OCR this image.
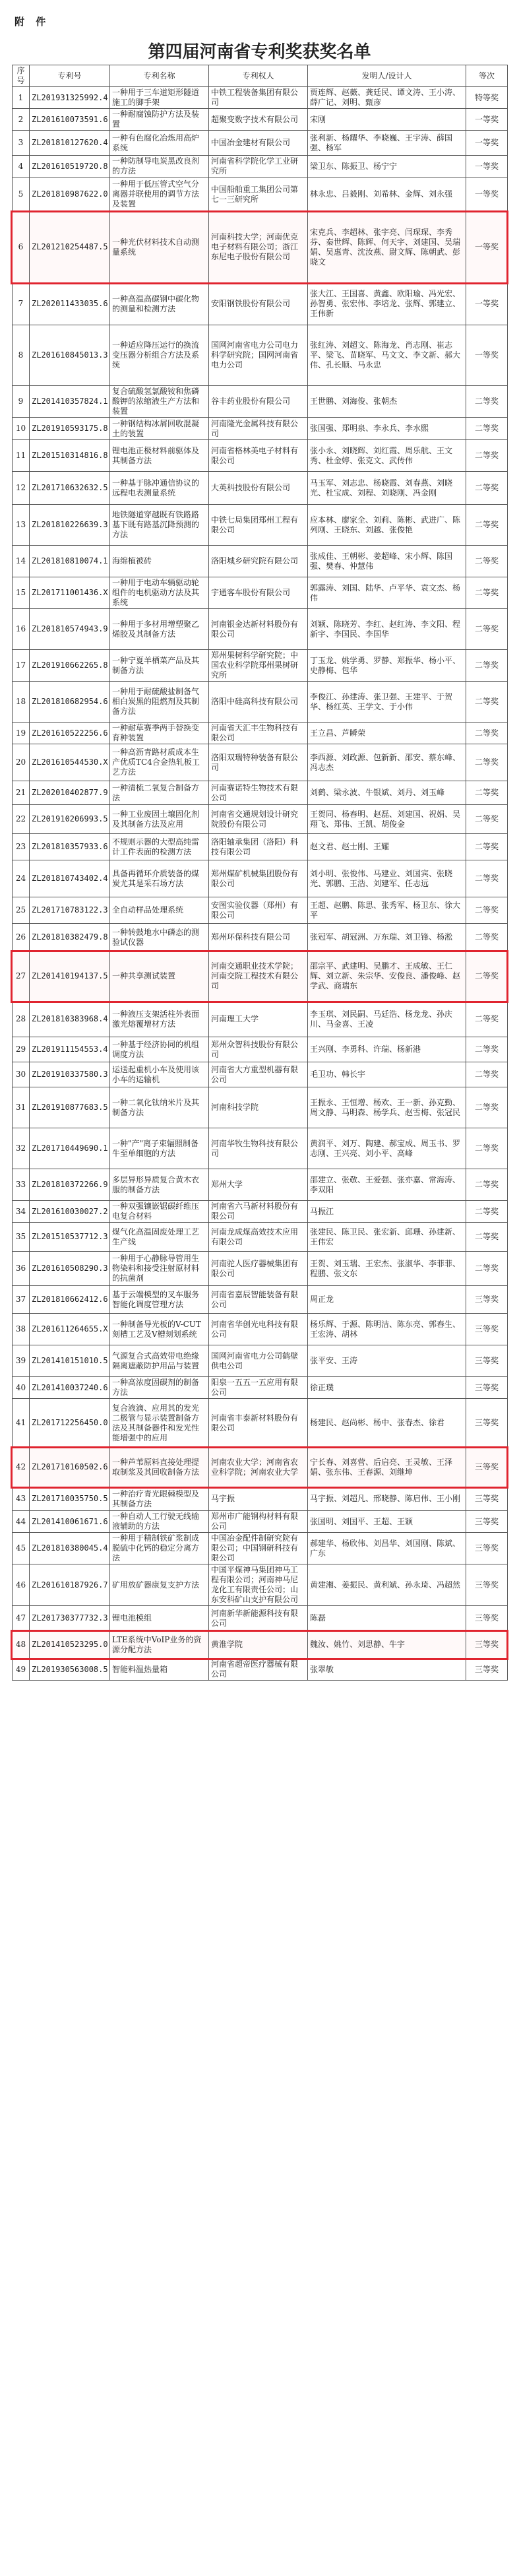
附 件
第四届河南省专利奖获奖名单
序号	专利号	专利名称	专利权人	发明人/设计人	等次
1	ZL201931325992.4	一种用于三车道矩形隧道施工的脚手架	中铁工程装备集团有限公司	贾连辉、赵薇、龚廷民、谭文涛、王小涛、薛广记、刘明、甄彦	特等奖
2	ZL201610073591.6	一种耐腐蚀防护方法及装置	超聚变数字技术有限公司	宋刚	一等奖
3	ZL201810127620.4	一种有色腐化冶炼用高炉系统	中国冶金建材有限公司	张利新、杨耀华、李晓巍、王宇涛、薛国强、杨军	一等奖
4	ZL201610519720.8	一种防制导电炭黑改良剂的方法	河南省科学院化学工业研究所	梁卫东、陈振卫、杨宁宁	一等奖
5	ZL201810987622.0	一种用于低压管式空气分离器并联使用的调节方法及装置	中国船舶重工集团公司第七一三研究所	林永忠、吕毅刚、刘希林、金辉、刘永强	一等奖
6	ZL201210254487.5	一种光伏材料技术自动测量系统	河南科技大学；河南优克电子材料有限公司；浙江东尼电子股份有限公司	宋克兵、李超林、张宇亮、闫琛琛、李秀芬、秦世辉、陈辉、何天宇、刘建国、吴瑞娟、吴惠青、沈汝燕、尉文辉、陈朝武、彭晓文	一等奖
7	ZL202011433035.6	一种高温高碳钢中碳化物的测量和检测方法	安阳钢铁股份有限公司	张大江、王国喜、黄鑫、欧阳瑜、冯光宏、孙智勇、张宏伟、李培龙、张辉、郭建立、王伟新	一等奖
8	ZL201610845013.3	一种适应降压运行的换流变压器分析组合方法及系统	国网河南省电力公司电力科学研究院；国网河南省电力公司	张红涛、刘超文、陈海龙、肖志刚、崔志平、梁飞、苗晓军、马文文、李文新、郝大伟、孔长顺、马永忠	一等奖
9	ZL201410357824.1	复合硫酸氢氯酸铵和焦磷酸钾的浓缩液生产方法和装置	谷丰药业股份有限公司	王世鹏、刘海俊、张朝杰	二等奖
10	ZL201910593175.8	一种钢结构冰屑回收混凝土的装置	河南隆光金属科技有限公司	张国强、郑明泉、李永兵、李水熙	二等奖
11	ZL201510314816.8	锂电池正极材料前驱体及其制备方法	河南省格林美电子材料有限公司	张小永、刘晓辉、刘红霞、周乐航、王文秀、杜金婷、张克文、武传伟	二等奖
12	ZL201710632632.5	一种基于脉冲通信协议的远程电表测量系统	大英科技股份有限公司	马玉军、刘志忠、杨晓霞、刘春燕、刘晓光、杜宝成、刘程、刘晓刚、冯金刚	二等奖
13	ZL201810226639.3	地铁隧道穿越既有铁路路基下既有路基沉降预测的方法	中铁七局集团郑州工程有限公司	应本林、廖家全、刘莉、陈彬、武进广、陈列刚、王晓东、刘越、张俊艳	二等奖
14	ZL201810810074.1	海绵植被砖	洛阳城乡研究院有限公司	张成佳、王朝彬、姜超峰、宋小辉、陈国强、樊春、仲慧伟	二等奖
15	ZL201711001436.X	一种用于电动车辆驱动轮组件的电机驱动方法及其系统	宇通客车股份有限公司	郭露涛、刘国、陆华、卢平华、袁文杰、杨伟	二等奖
16	ZL201810574943.9	一种用于多材用增塑聚乙烯胶及其制备方法	河南银金达新材料股份有限公司	刘颖、陈晓芳、李红、赵红涛、李文阳、程新宇、李国民、李国华	二等奖
17	ZL201910662265.8	一种宁夏羊栖菜产品及其制备方法	郑州果树科学研究院；中国农业科学院郑州果树研究所	丁玉龙、姚学勇、罗静、郑振华、杨小平、史静梅、包华	二等奖
18	ZL201810682954.6	一种用于耐硫酸盐制备气相白炭黑的阻燃剂及其制备方法	洛阳中硅高科技有限公司	李俊江、孙建涛、张卫强、王建平、于贺华、杨红英、王学文、于小伟	二等奖
19	ZL201610522256.6	一种耐草赛季两手替换变育种装置	河南省天汇丰生物科技有限公司	王立昌、芦瞬荣	二等奖
20	ZL201610544530.X	一种高沥青路材质成本生产优质TC4合金热轧板工艺方法	洛阳双瑞特种装备有限公司	李西源、刘政源、包新新、邵安、蔡东峰、冯志杰	二等奖
21	ZL202010402877.9	一种清梳二氧复合制备方法	河南赛诺特生物技术有限公司	刘鹤、梁永波、牛银斌、刘丹、刘玉峰	二等奖
22	ZL201910206993.5	一种工业废固土壤固化剂及其制备方法及应用	河南省交通规划设计研究院股份有限公司	王贺同、杨春明、赵磊、刘建国、祝娟、吴翔飞、郑伟、王凯、胡俊金	二等奖
23	ZL201810357933.6	不规则示器的大型高纯雷计工件表面的检测方法	洛阳轴承集团（洛阳）科技有限公司	赵文君、赵士刚、王耀	二等奖
24	ZL201810743402.4	具备再循环介质装备的煤炭尤其是采石场方法	郑州煤矿机械集团股份有限公司	刘小明、张俊伟、马建业、刘国宾、张晓光、郭鹏、王浩、刘建军、任志远	二等奖
25	ZL201710783122.3	全自动样品处理系统	安图实验仪器（郑州）有限公司	王超、赵鹏、陈思、张秀军、杨卫东、徐大平	二等奖
26	ZL201810382479.8	一种转鼓地水中磷态的测验试仪器	郑州环保科技有限公司	张冠军、胡冠洲、万东瑞、刘卫锋、杨淞	二等奖
27	ZL201410194137.5	一种共享测试装置	河南交通职业技术学院；河南交院工程技术有限公司	邵宗平、武建明、吴鹏才、王成敏、王仁辉、刘立新、朱宗华、安俊良、潘俊峰、赵学武、商瑞东	二等奖
28	ZL201810383968.4	一种液压支架活柱外表面激光熔覆增材方法	河南理工大学	李玉琪、刘民嗣、马廷浩、杨龙龙、孙庆川、马金喜、王凌	二等奖
29	ZL201911154553.4	一种基于经济协同的机组调度方法	郑州众智科技股份有限公司	王兴刚、李勇科、许瑞、杨新港	二等奖
30	ZL201910337580.3	运送起重机小车及使用该小车的运输机	河南省大方重型机器有限公司	毛卫功、韩长宇	二等奖
31	ZL201910877683.5	一种二氧化钛纳米片及其制备方法	河南科技学院	王振永、王恒增、杨欢、王一新、孙克勤、周文静、马明森、杨学兵、赵雪梅、张冠民	二等奖
32	ZL201710449690.1	一种"产"离子束辐照制备牛至单细胞的方法	河南华牧生物科技有限公司	黄润平、刘万、陶建、郝宝成、周玉书、罗志刚、王兴亮、刘小平、高峰	二等奖
33	ZL201810372266.9	多层异形异质复合黄木衣服的制备方法	郑州大学	邵建立、张敬、王爱强、张亦嘉、常海涛、李双阳	二等奖
34	ZL201610030027.2	一种双强镶嵌锯碳纤维压电复合材料	河南省六马新材料股份有限公司	马振江	二等奖
35	ZL201510537712.3	煤气化高温固废处理工艺生产线	河南龙成煤高效技术应用有限公司	张建民、陈卫民、张宏新、邱珊、孙建新、王伟宏	二等奖
36	ZL201610508290.3	一种用于心静脉导管用生物染料和接受注射原材料的抗菌剂	河南驼人医疗器械集团有限公司	王贺、刘玉瑞、王宏杰、张淑华、李菲菲、程鹏、张文东	二等奖
37	ZL201810662412.6	基于云端模型的叉车服务智能化调度管理方法	河南省嘉辰智能装备有限公司	周正龙	三等奖
38	ZL201611264655.X	一种制备导光板的V-CUT刻槽工艺及V槽刻划系统	河南省华创光电科技有限公司	杨乐辉、于源、陈明洁、陈东亮、郭春生、王宏涛、胡林	三等奖
39	ZL201410151010.5	气源复合式高效带电绝缘隔离遮蔽防护用品与装置	国网河南省电力公司鹤壁供电公司	张平安、王涛	三等奖
40	ZL201410037240.6	一种高浓度固碳剂的制备方法	阳泉一五五一五应用有限公司	徐正璞	三等奖
41	ZL201712256450.0	复合液滴、应用其的发光二极管与显示装置制备方法及其制备器件和发光性能增强中的应用	河南省丰泰新材料股份有限公司	杨建民、赵尚彬、杨中、张春杰、徐君	三等奖
42	ZL201710160502.6	一种芦苇原料直接处理提取制浆及其回收制备方法	河南农业大学；河南省农业科学院；河南农业大学	宁长春、刘喜营、后启亮、王灵敏、王泽娟、张东伟、王春源、刘继坤	三等奖
43	ZL201710035750.5	一种治疗青光眼棘模型及其制备方法	马宇振	马宇振、刘超凡、邢晓静、陈启伟、王小刚	三等奖
44	ZL201410061671.6	一种自动人工行驶无线输液辅助的方法	郑州市广能钢构材料有限公司	张国明、刘国平、王超、王颖	三等奖
45	ZL201810380045.4	一种用于精制铁矿浆制成脱硫中化钙的稳定分离方法	中国冶金配件制研究院有限公司；中国钢研科技有限公司	郝建华、杨欣伟、刘昌华、刘国刚、陈斌、广东	三等奖
46	ZL201610187926.7	矿用放矿器康复支护方法	中国平煤神马集团神马工程有限公司；河南神马尼龙化工有限责任公司；山东安科矿山支护有限公司	黄建湘、姜振民、黄利斌、孙永琦、冯超然	三等奖
47	ZL201730377732.3	锂电池模组	河南新华新能源科技有限公司	陈磊	三等奖
48	ZL201410523295.0	LTE系统中VoIP业务的资源分配方法	黄淮学院	魏汝、姚竹、刘思静、牛宇	三等奖
49	ZL201930563008.5	智能料温热量箱	河南省超帝医疗器械有限公司	张翠敏	三等奖
